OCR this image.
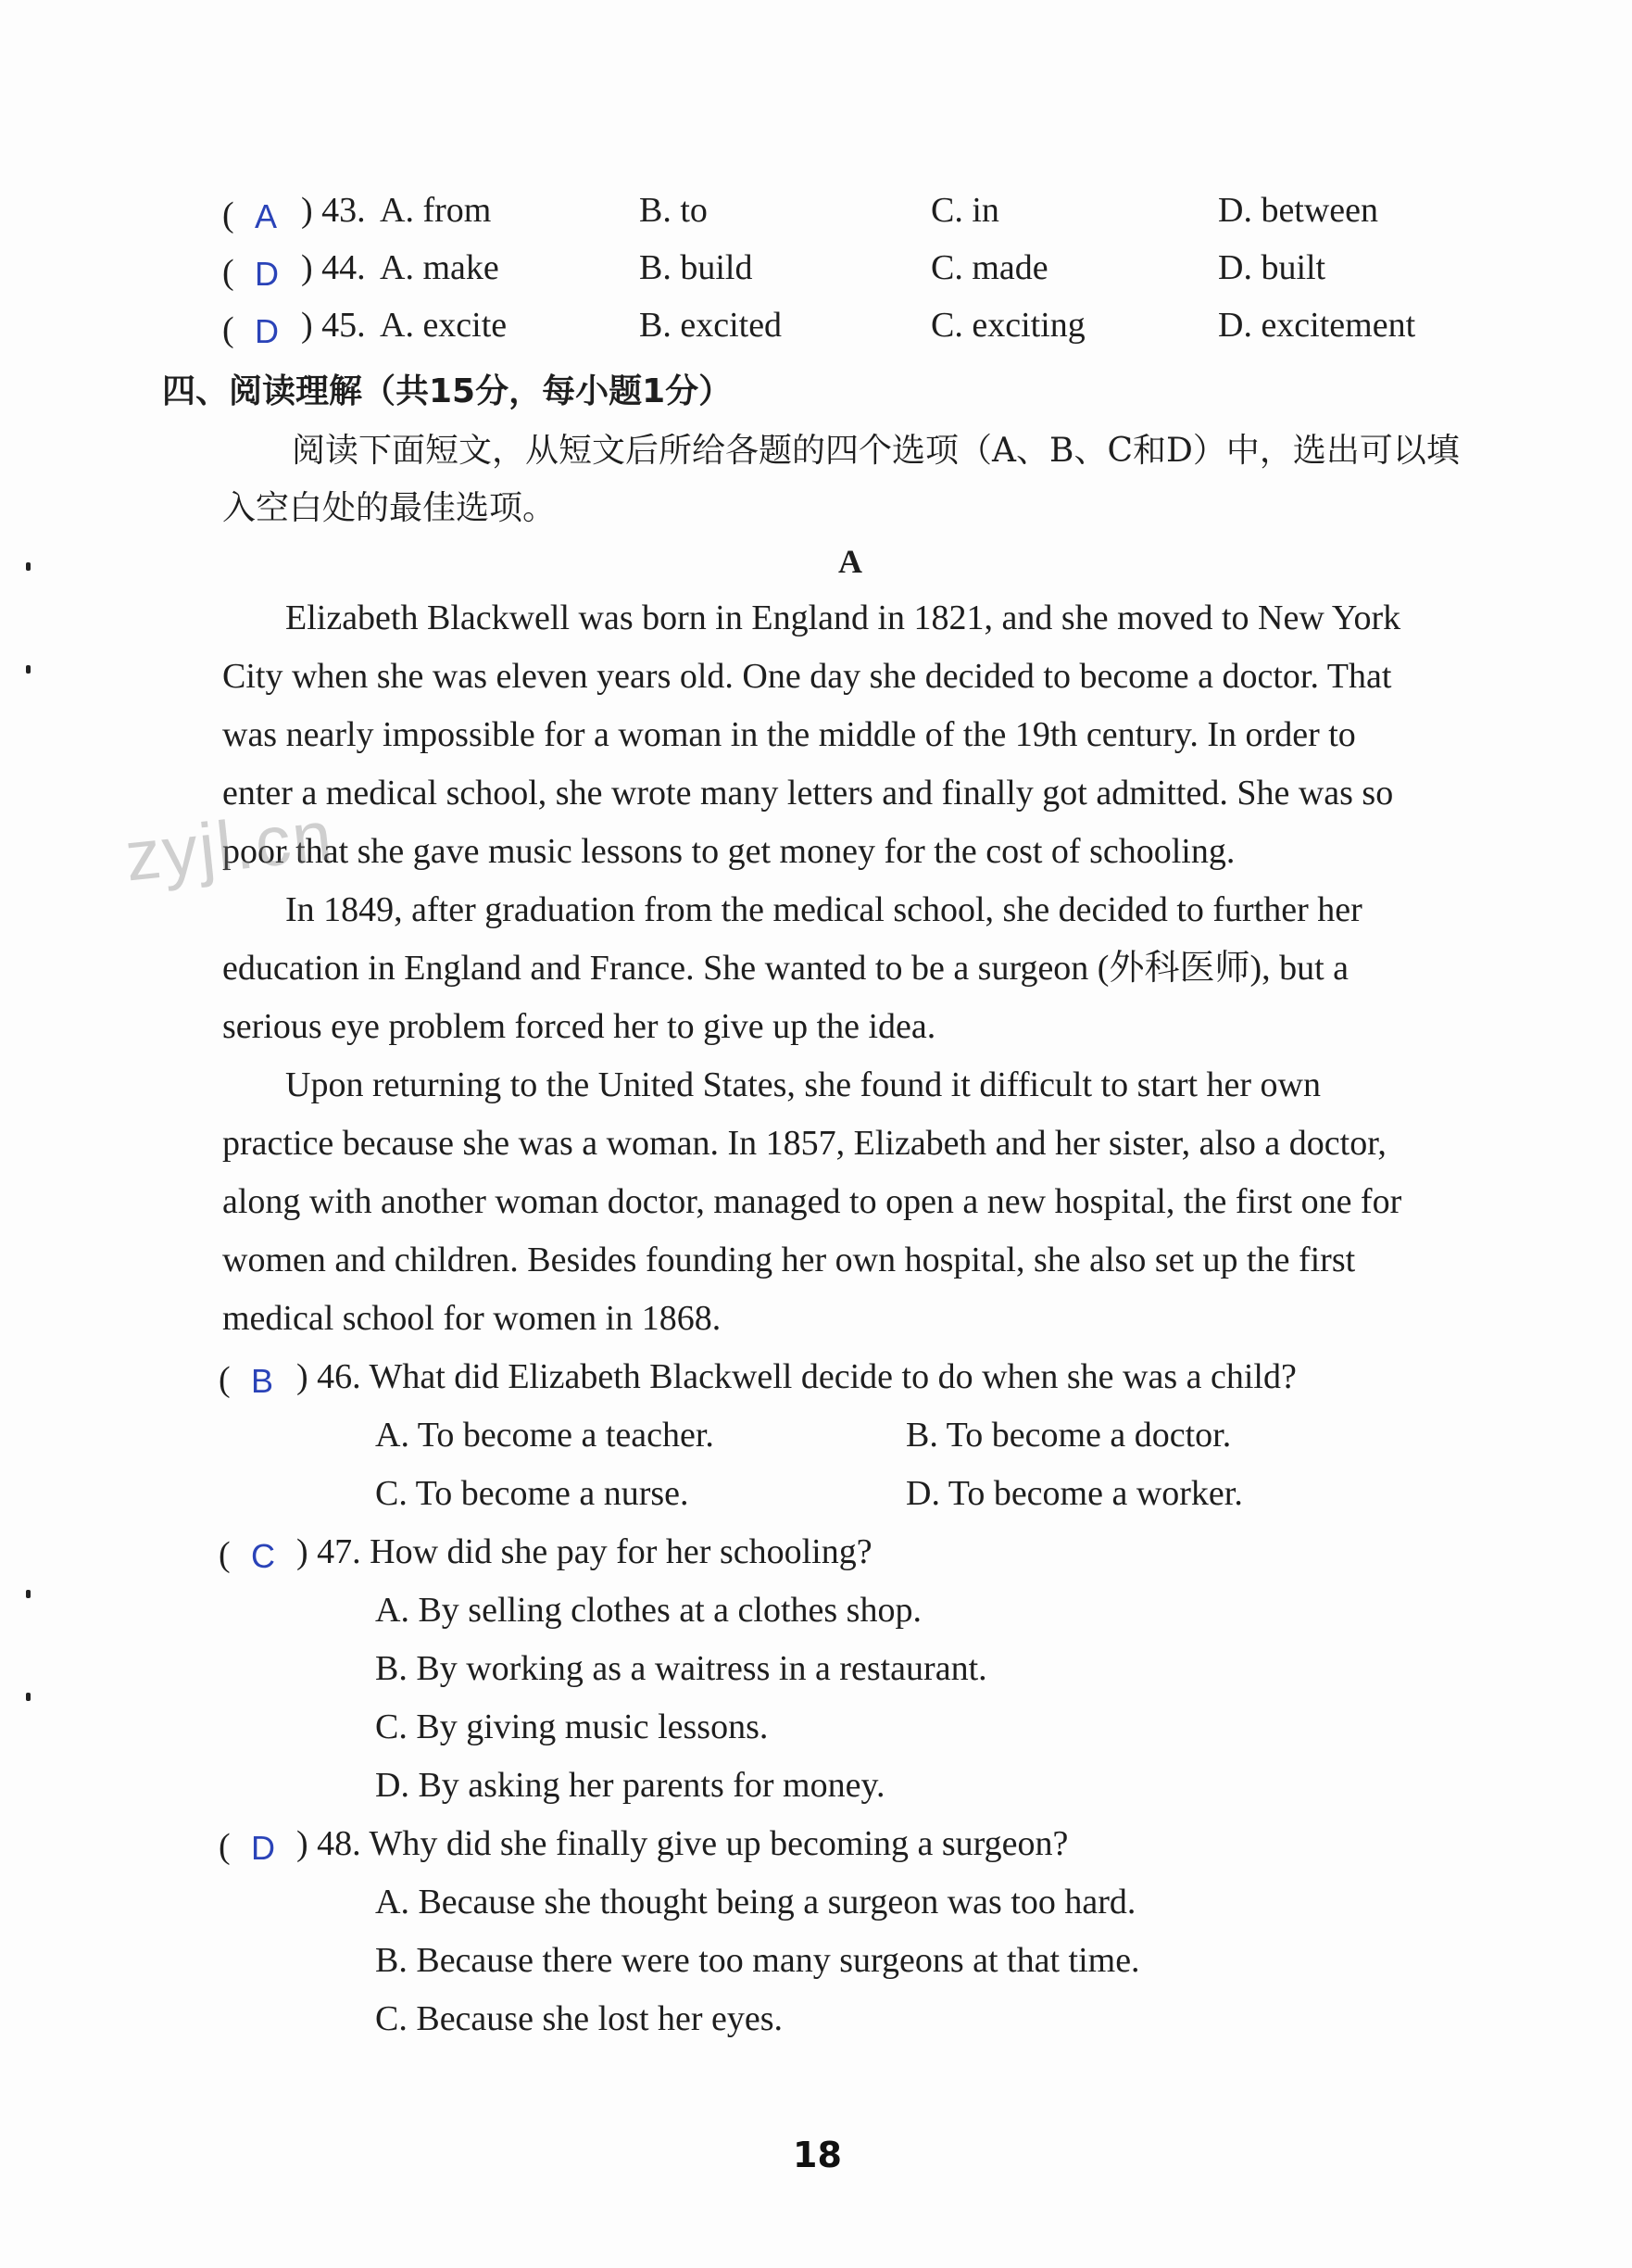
( A ) 43. A. from	B. to	C. in	D. between
( D ) 44. A. make	B. build	C. made	D. built
( D ) 45. A. excite	B. excited	C. exciting	D. excitement
四、阅读理解（共15分，每小题1分）
阅读下面短文，从短文后所给各题的四个选项（A、B、C和D）中，选出可以填
入空白处的最佳选项。
A
Elizabeth Blackwell was born in England in 1821, and she moved to New York
City when she was eleven years old. One day she decided to become a doctor. That
was nearly impossible for a woman in the middle of the 19th century. In order to
enter a medical school, she wrote many letters and finally got admitted. She was so
poor that she gave music lessons to get money for the cost of schooling.
In 1849, after graduation from the medical school, she decided to further her
education in England and France. She wanted to be a surgeon (外科医师), but a
serious eye problem forced her to give up the idea.
Upon returning to the United States, she found it difficult to start her own
practice because she was a woman. In 1857, Elizabeth and her sister, also a doctor,
along with another woman doctor, managed to open a new hospital, the first one for
women and children. Besides founding her own hospital, she also set up the first
medical school for women in 1868.
zyjl.cn
( B ) 46. What did Elizabeth Blackwell decide to do when she was a child?
A. To become a teacher.	B. To become a doctor.
C. To become a nurse.	D. To become a worker.
( C ) 47. How did she pay for her schooling?
A. By selling clothes at a clothes shop.
B. By working as a waitress in a restaurant.
C. By giving music lessons.
D. By asking her parents for money.
( D ) 48. Why did she finally give up becoming a surgeon?
A. Because she thought being a surgeon was too hard.
B. Because there were too many surgeons at that time.
C. Because she lost her eyes.
18
